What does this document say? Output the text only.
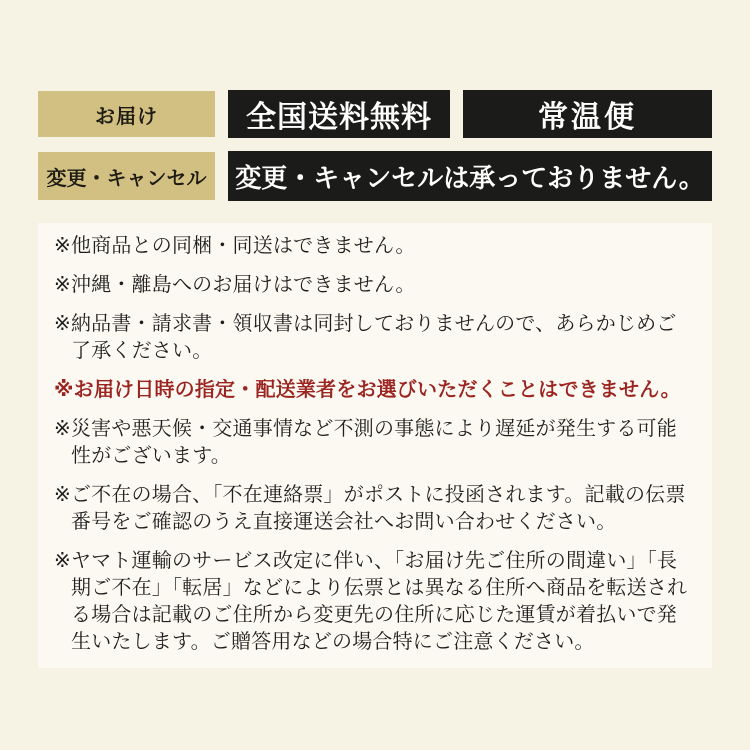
お届け	全国送料無料	常温便
変更・キャンセル	変更・キャンセルは承っておりません。

※他商品との同梱・同送はできません。

※沖縄・離島へのお届けはできません。

※納品書・請求書・領収書は同封しておりませんので、あらかじめご了承ください。

※お届け日時の指定・配送業者をお選びいただくことはできません。

※災害や悪天候・交通事情など不測の事態により遅延が発生する可能性がございます。

※ご不在の場合、「不在連絡票」がポストに投函されます。記載の伝票番号をご確認のうえ直接運送会社へお問い合わせください。

※ヤマト運輸のサービス改定に伴い、「お届け先ご住所の間違い」「長期ご不在」「転居」などにより伝票とは異なる住所へ商品を転送される場合は記載のご住所から変更先の住所に応じた運賃が着払いで発生いたします。ご贈答用などの場合特にご注意ください。
